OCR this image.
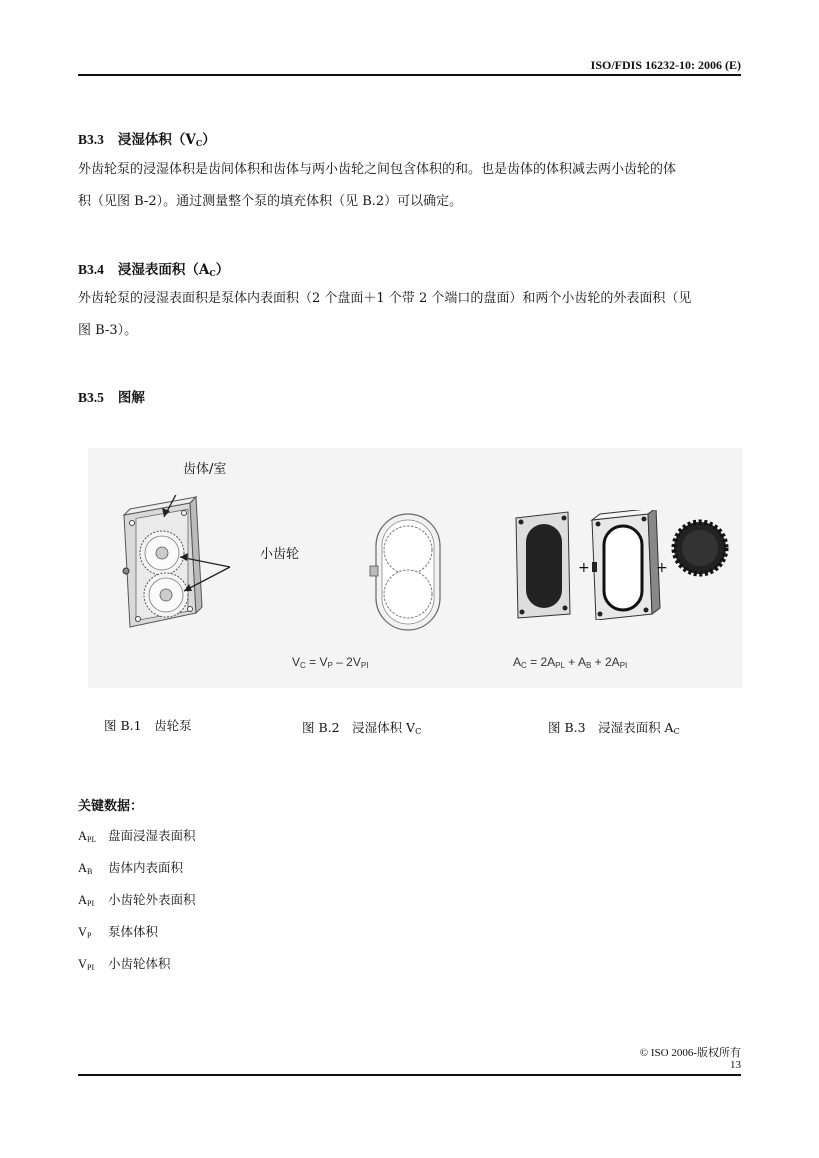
ISO/FDIS 16232-10: 2006 (E)
B3.3 浸湿体积$(V_C)$
外齿轮泵的浸湿体积是齿间体积和齿体与两小齿轮之间包含体积的和。也是齿体的体积减去两小齿轮的体
积（见图 B-2）。通过测量整个泵的填充体积（见 B.2）可以确定。
B3.4 浸湿表面积$(A_C)$
外齿轮泵的浸湿表面积是泵体内表面积（2 个盘面＋1 个带 2 个端口的盘面）和两个小齿轮的外表面积（见
图 B-3）。
B3.5 图解
齿体/室
小齿轮
$V_C = V_P - 2V_{PI}$
+	+
$A_C = 2A_{PL} + A_B + 2A_{PI}$
图 B.1　齿轮泵	图 B.2　浸湿体积 $V_C$	图 B.3　浸湿表面积 $A_C$
关键数据：
$A_{PL}$ 盘面浸湿表面积
$A_B$ 齿体内表面积
$A_{PI}$ 小齿轮外表面积
$V_P$ 泵体体积
$V_{PI}$ 小齿轮体积
© ISO 2006-版权所有
13
